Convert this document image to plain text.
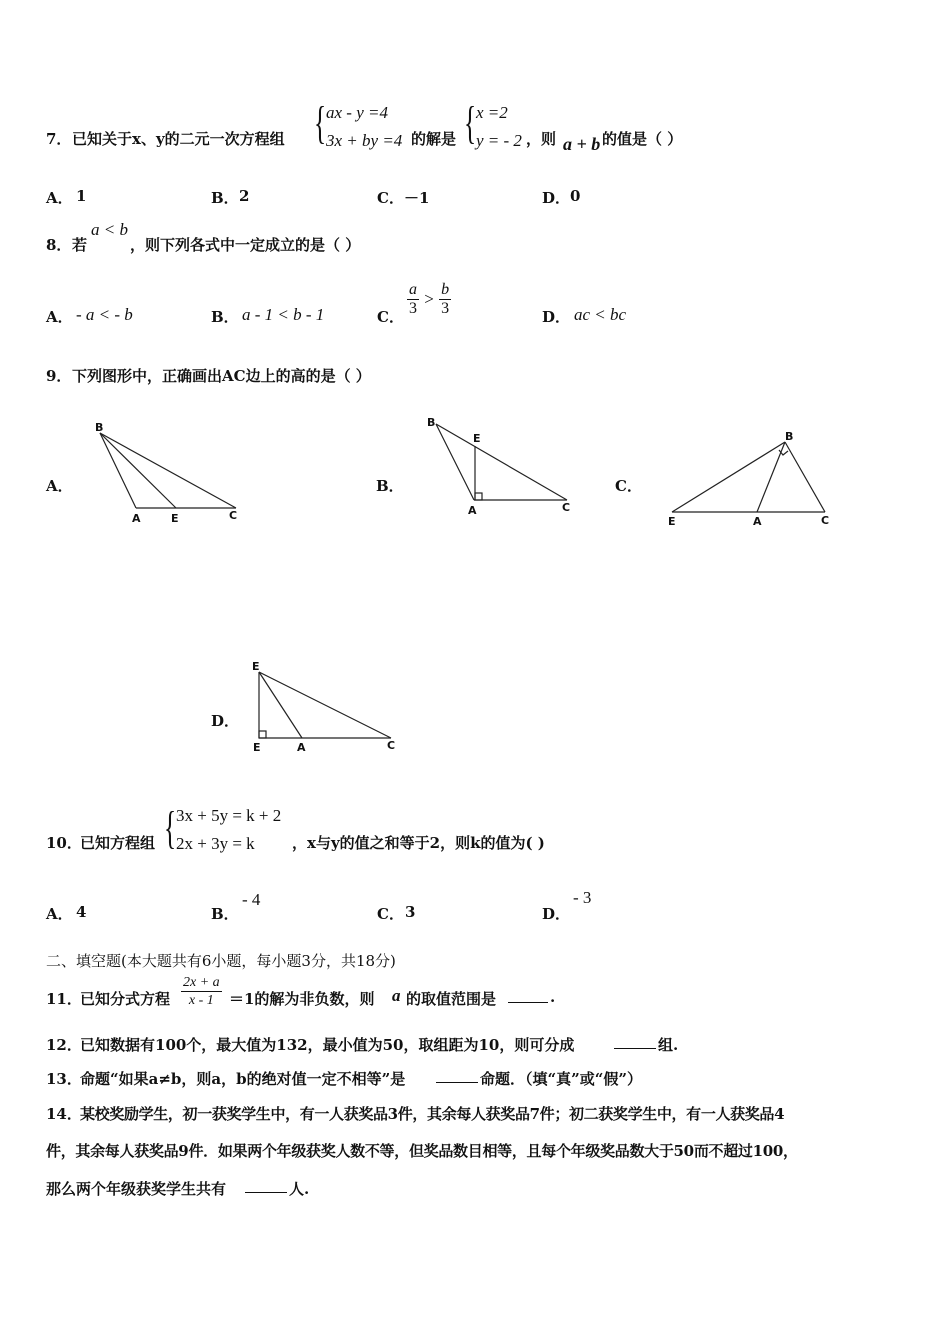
7． 已知关于x、y的二元一次方程组 { ax - y =4
3x + by =4 的解是 { x =2
y = - 2 ，则 a + b 的值是（ ）
A． 1	B． 2	C． －1	D． 0
8． 若
a < b
，则下列各式中一定成立的是（ ）
A． - a < - b	B． a - 1 < b - 1	C． $\frac{a}{3} > \frac{b}{3}$	D． ac < bc
9． 下列图形中，正确画出AC边上的高的是（ ）
A．
B
A	E	C
B．
B
E
A	C
C．
B
E	A	C
D．
E
E	A	C
10．
已知方程组 { 3x + 5y = k + 2
2x + 3y = k ，x与y的值之和等于2，则k的值为( )
A． 4	B．
- 4
C． 3	D．
- 3
二、填空题(本大题共有6小题，每小题3分，共18分)
11．
已知分式方程 $\frac{2x + a}{x - 1} =1$的解为非负数，则 a 的取值范围是	.
12．
已知数据有100个，最大值为132，最小值为50，取组距为10，则可分成	组.
13．
命题“如果a≠b，则a，b的绝对值一定不相等”是	命题．（填“真”或“假”）
14．
某校奖励学生，初一获奖学生中，有一人获奖品3件，其余每人获奖品7件；初二获奖学生中，有一人获奖品4
件，其余每人获奖品9件．如果两个年级获奖人数不等，但奖品数目相等，且每个年级奖品数大于50而不超过100，
那么两个年级获奖学生共有	人.
